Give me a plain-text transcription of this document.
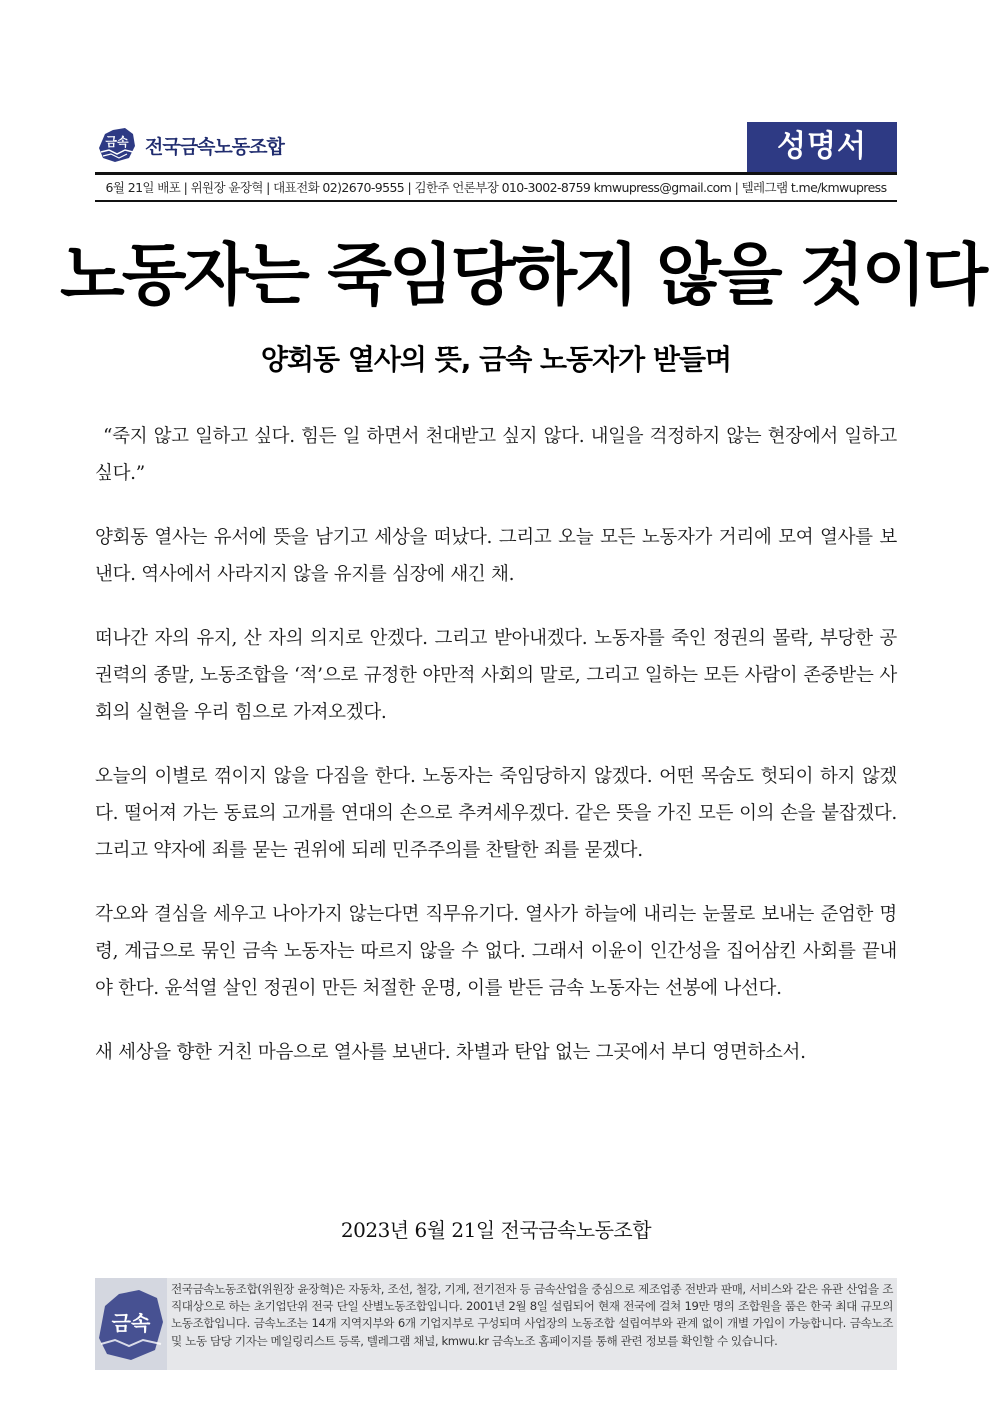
금속 전국금속노동조합	성명서
6월 21일 배포 | 위원장 윤장혁 | 대표전화 02)2670-9555 | 김한주 언론부장 010-3002-8759 kmwupress@gmail.com | 텔레그램 t.me/kmwupress
노동자는 죽임당하지 않을 것이다
양회동 열사의 뜻, 금속 노동자가 받들며

“죽지 않고 일하고 싶다. 힘든 일 하면서 천대받고 싶지 않다. 내일을 걱정하지 않는 현장에서 일하고 싶다.”

양회동 열사는 유서에 뜻을 남기고 세상을 떠났다. 그리고 오늘 모든 노동자가 거리에 모여 열사를 보낸다. 역사에서 사라지지 않을 유지를 심장에 새긴 채.

떠나간 자의 유지, 산 자의 의지로 안겠다. 그리고 받아내겠다. 노동자를 죽인 정권의 몰락, 부당한 공권력의 종말, 노동조합을 ‘적’으로 규정한 야만적 사회의 말로, 그리고 일하는 모든 사람이 존중받는 사회의 실현을 우리 힘으로 가져오겠다.

오늘의 이별로 꺾이지 않을 다짐을 한다. 노동자는 죽임당하지 않겠다. 어떤 목숨도 헛되이 하지 않겠다. 떨어져 가는 동료의 고개를 연대의 손으로 추켜세우겠다. 같은 뜻을 가진 모든 이의 손을 붙잡겠다. 그리고 약자에 죄를 묻는 권위에 되레 민주주의를 찬탈한 죄를 묻겠다.

각오와 결심을 세우고 나아가지 않는다면 직무유기다. 열사가 하늘에 내리는 눈물로 보내는 준엄한 명령, 계급으로 묶인 금속 노동자는 따르지 않을 수 없다. 그래서 이윤이 인간성을 집어삼킨 사회를 끝내야 한다. 윤석열 살인 정권이 만든 처절한 운명, 이를 받든 금속 노동자는 선봉에 나선다.

새 세상을 향한 거친 마음으로 열사를 보낸다. 차별과 탄압 없는 그곳에서 부디 영면하소서.

2023년 6월 21일 전국금속노동조합
금속
전국금속노동조합(위원장 윤장혁)은 자동차, 조선, 철강, 기계, 전기전자 등 금속산업을 중심으로 제조업종 전반과 판매, 서비스와 같은 유관 산업을 조직대상으로 하는 초기업단위 전국 단일 산별노동조합입니다. 2001년 2월 8일 설립되어 현재 전국에 걸쳐 19만 명의 조합원을 품은 한국 최대 규모의 노동조합입니다. 금속노조는 14개 지역지부와 6개 기업지부로 구성되며 사업장의 노동조합 설립여부와 관계 없이 개별 가입이 가능합니다. 금속노조 및 노동 담당 기자는 메일링리스트 등록, 텔레그램 채널, kmwu.kr 금속노조 홈페이지를 통해 관련 정보를 확인할 수 있습니다.
